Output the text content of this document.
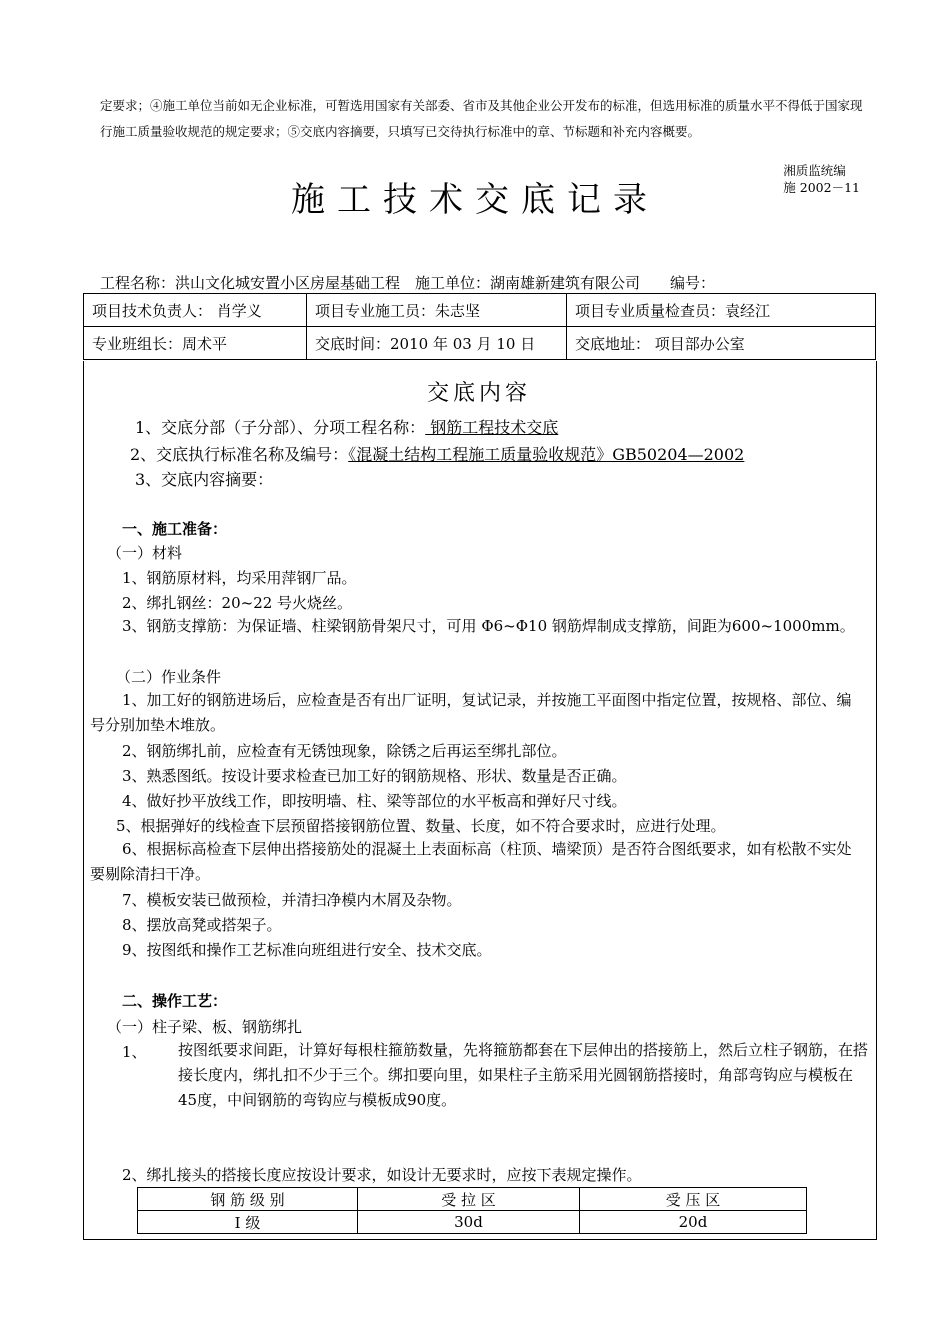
定要求；④施工单位当前如无企业标准，可暂选用国家有关部委、省市及其他企业公开发布的标准，但选用标准的质量水平不得低于国家现行施工质量验收规范的规定要求；⑤交底内容摘要，只填写已交待执行标准中的章、节标题和补充内容概要。
湘质监统编
施 2002－11
施工技术交底记录
工程名称：洪山文化城安置小区房屋基础工程　施工单位：湖南雄新建筑有限公司　　编号：
项目技术负责人： 肖学义	项目专业施工员：朱志坚	项目专业质量检查员：袁经江
专业班组长：周术平	交底时间：2010 年 03 月 10 日	交底地址： 项目部办公室
交底内容
1、交底分部（子分部）、分项工程名称： 钢筋工程技术交底
2、交底执行标准名称及编号：《混凝土结构工程施工质量验收规范》GB50204—2002
3、交底内容摘要：
一、施工准备：
（一）材料
1、钢筋原材料，均采用萍钢厂品。
2、绑扎钢丝：20~22 号火烧丝。
3、钢筋支撑筋：为保证墙、柱梁钢筋骨架尺寸，可用 Φ6~Φ10 钢筋焊制成支撑筋，间距为600~1000mm。
（二）作业条件
1、加工好的钢筋进场后，应检查是否有出厂证明，复试记录，并按施工平面图中指定位置，按规格、部位、编号分别加垫木堆放。
2、钢筋绑扎前，应检查有无锈蚀现象，除锈之后再运至绑扎部位。
3、熟悉图纸。按设计要求检查已加工好的钢筋规格、形状、数量是否正确。
4、做好抄平放线工作，即按明墙、柱、梁等部位的水平板高和弹好尺寸线。
5、根据弹好的线检查下层预留搭接钢筋位置、数量、长度，如不符合要求时，应进行处理。
6、根据标高检查下层伸出搭接筋处的混凝土上表面标高（柱顶、墙梁顶）是否符合图纸要求，如有松散不实处要剔除清扫干净。
7、模板安装已做预检，并清扫净模内木屑及杂物。
8、摆放高凳或搭架子。
9、按图纸和操作工艺标准向班组进行安全、技术交底。
二、操作工艺：
（一）柱子梁、板、钢筋绑扎
1、 按图纸要求间距，计算好每根柱箍筋数量，先将箍筋都套在下层伸出的搭接筋上，然后立柱子钢筋，在搭接长度内，绑扎扣不少于三个。绑扣要向里，如果柱子主筋采用光圆钢筋搭接时，角部弯钩应与模板在45度，中间钢筋的弯钩应与模板成90度。
2、绑扎接头的搭接长度应按设计要求，如设计无要求时，应按下表规定操作。
钢 筋 级 别	受 拉 区	受 压 区
Ⅰ 级	30d	20d
